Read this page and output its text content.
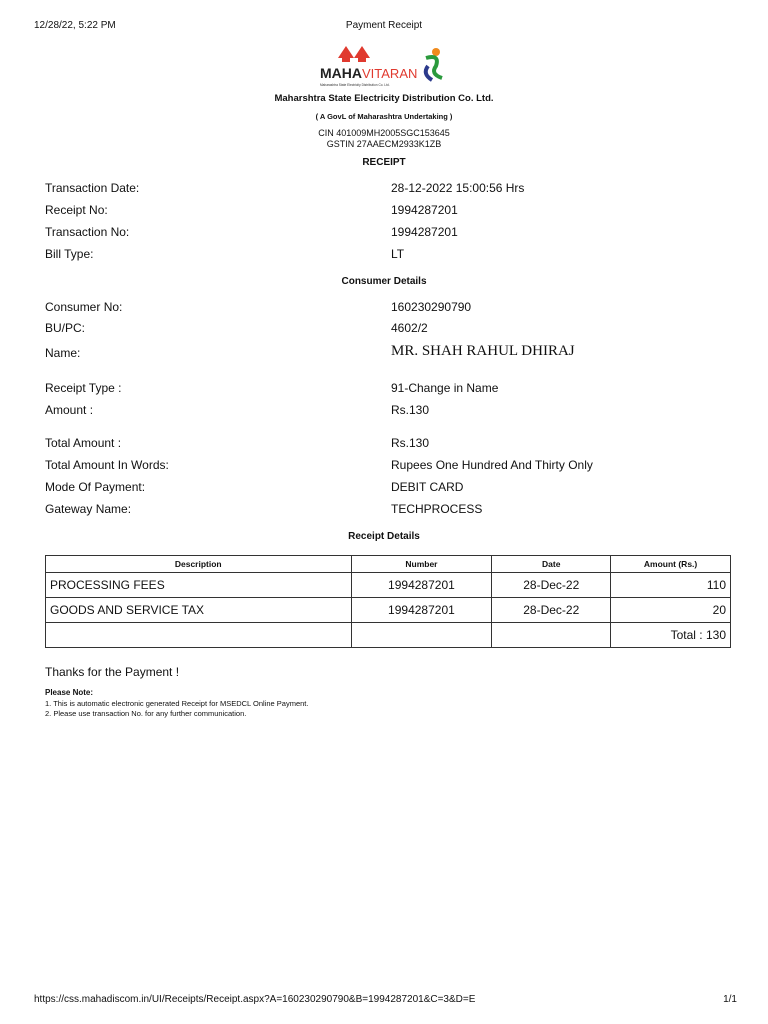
12/28/22, 5:22 PM	Payment Receipt
MAHA VITARAN
Maharashtra State Electricity Distribution Co. Ltd.
Maharshtra State Electricity Distribution Co. Ltd.
( A GovL of Maharashtra Undertaking )
CIN 401009MH2005SGC153645
GSTIN 27AAECM2933K1ZB
RECEIPT
Transaction Date:	28-12-2022 15:00:56 Hrs
Receipt No:	1994287201
Transaction No:	1994287201
Bill Type:	LT
Consumer Details
Consumer No:	160230290790
BU/PC:	4602/2
Name:	MR. SHAH RAHUL DHIRAJ
Receipt Type :	91-Change in Name
Amount :	Rs.130
Total Amount :	Rs.130
Total Amount In Words:	Rupees One Hundred And Thirty Only
Mode Of Payment:	DEBIT CARD
Gateway Name:	TECHPROCESS
Receipt Details
Description	Number	Date	Amount (Rs.)
PROCESSING FEES	1994287201	28-Dec-22	110
GOODS AND SERVICE TAX	1994287201	28-Dec-22	20
			Total : 130
Thanks for the Payment !
Please Note:
1. This is automatic electronic generated Receipt for MSEDCL Online Payment.
2. Please use transaction No. for any further communication.
https://css.mahadiscom.in/UI/Receipts/Receipt.aspx?A=160230290790&B=1994287201&C=3&D=E	1/1
